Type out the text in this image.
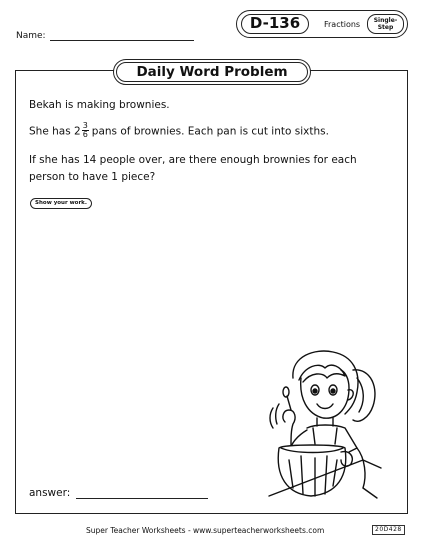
Name:
D-136	Fractions	Single-
Step
Daily Word Problem
Bekah is making brownies.
She has $2 \frac{3}{6}$ pans of brownies. Each pan is cut into sixths.
If she has 14 people over, are there enough brownies for each
person to have 1 piece?
Show your work.
answer:
Super Teacher Worksheets - www.superteacherworksheets.com	20D428
